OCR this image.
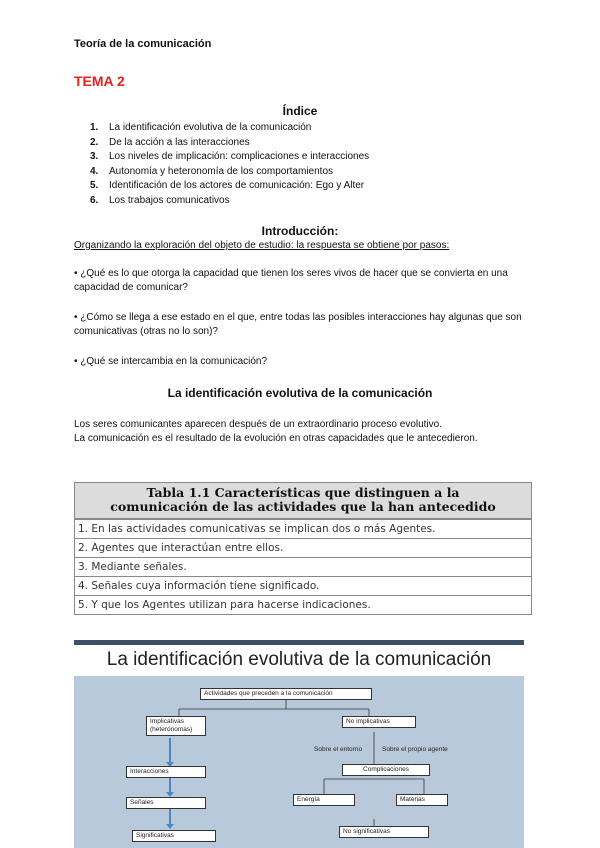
Teoría de la comunicación
TEMA 2
Índice
1.	La identificación evolutiva de la comunicación
2.	De la acción a las interacciones
3.	Los niveles de implicación: complicaciones e interacciones
4.	Autonomía y heteronomía de los comportamientos
5.	Identificación de los actores de comunicación: Ego y Alter
6.	Los trabajos comunicativos
Introducción:
Organizando la exploración del objeto de estudio: la respuesta se obtiene por pasos:
• ¿Qué es lo que otorga la capacidad que tienen los seres vivos de hacer que se convierta en una capacidad de comunicar?
• ¿Cómo se llega a ese estado en el que, entre todas las posibles interacciones hay algunas que son comunicativas (otras no lo son)?
• ¿Qué se intercambia en la comunicación?
La identificación evolutiva de la comunicación
Los seres comunicantes aparecen después de un extraordinario proceso evolutivo.
La comunicación es el resultado de la evolución en otras capacidades que le antecedieron.
Tabla 1.1 Características que distinguen a la
comunicación de las actividades que la han antecedido
1. En las actividades comunicativas se implican dos o más Agentes.
2. Agentes que interactúan entre ellos.
3. Mediante señales.
4. Señales cuya información tiene significado.
5. Y que los Agentes utilizan para hacerse indicaciones.
La identificación evolutiva de la comunicación
Actividades que preceden a la comunicación
Implicativas (heterónomas)
No implicativas
Sobre el entorno	Sobre el propio agente
Interacciones	Complicaciones
Señales	Energía	Materias
Significativas
No significativas
